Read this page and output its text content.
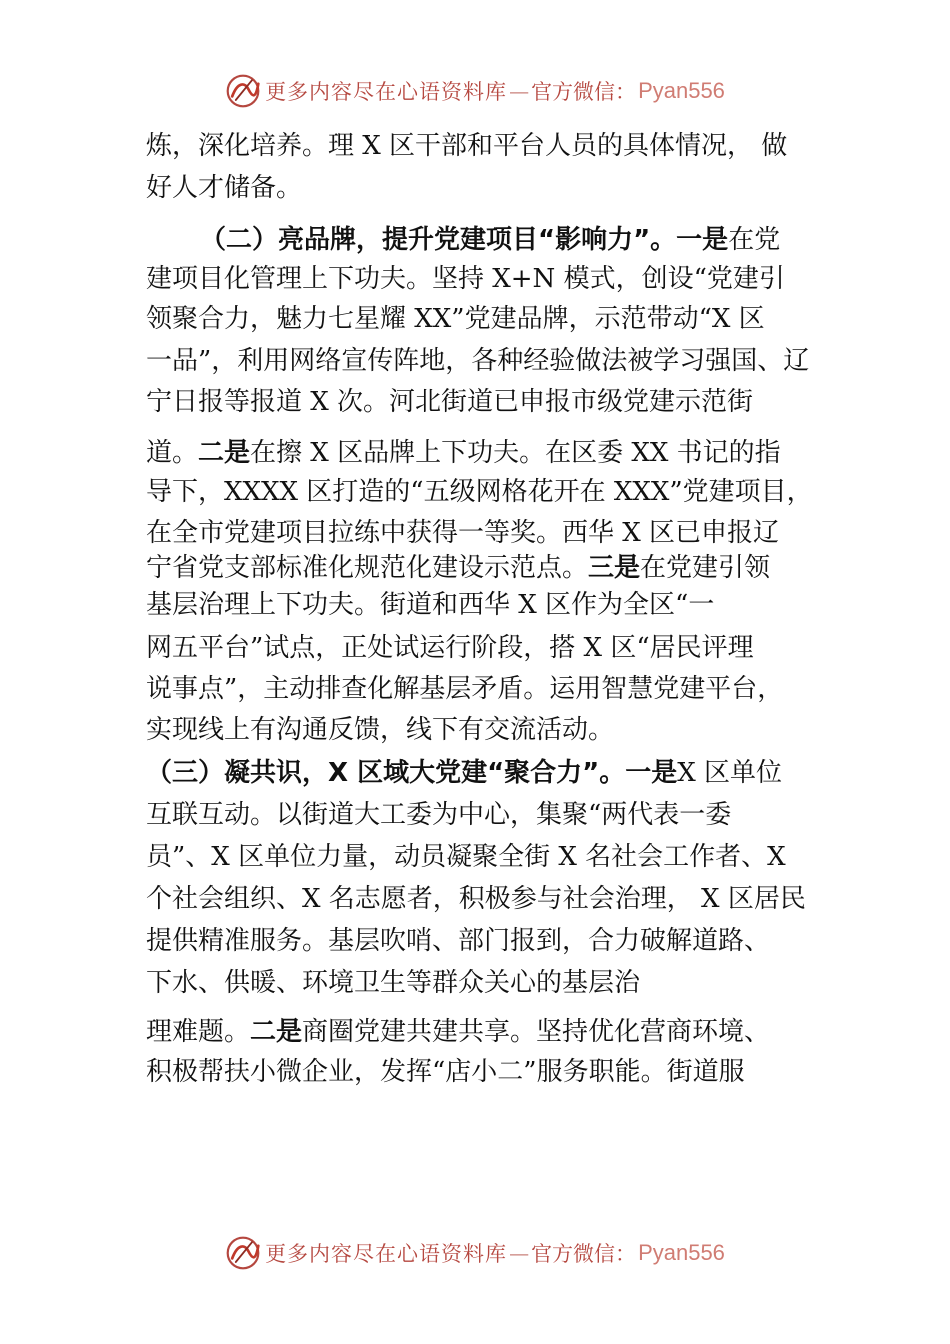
更多内容尽在心语资料库 — 官方微信： Pyan556
炼，深化培养。理 X 区干部和平台人员的具体情况， 做
好人才储备。
（二）亮品牌，提升党建项目“影响力”。一是在党
建项目化管理上下功夫。坚持 X+N 模式，创设“党建引
领聚合力，魅力七星耀 XX”党建品牌，示范带动“X 区
一品”，利用网络宣传阵地，各种经验做法被学习强国、辽
宁日报等报道 X 次。河北街道已申报市级党建示范街
道。二是在擦 X 区品牌上下功夫。在区委 XX 书记的指
导下，XXXX 区打造的“五级网格花开在 XXX”党建项目，
在全市党建项目拉练中获得一等奖。西华 X 区已申报辽
宁省党支部标准化规范化建设示范点。三是在党建引领
基层治理上下功夫。街道和西华 X 区作为全区“一
网五平台”试点，正处试运行阶段，搭 X 区“居民评理
说事点”，主动排查化解基层矛盾。运用智慧党建平台，
实现线上有沟通反馈，线下有交流活动。
（三）凝共识，X 区域大党建“聚合力”。一是X 区单位
互联互动。以街道大工委为中心，集聚“两代表一委
员”、X 区单位力量，动员凝聚全街 X 名社会工作者、X
个社会组织、X 名志愿者，积极参与社会治理， X 区居民
提供精准服务。基层吹哨、部门报到，合力破解道路、
下水、供暖、环境卫生等群众关心的基层治
理难题。二是商圈党建共建共享。坚持优化营商环境、
积极帮扶小微企业，发挥“店小二”服务职能。街道服
更多内容尽在心语资料库 — 官方微信： Pyan556
